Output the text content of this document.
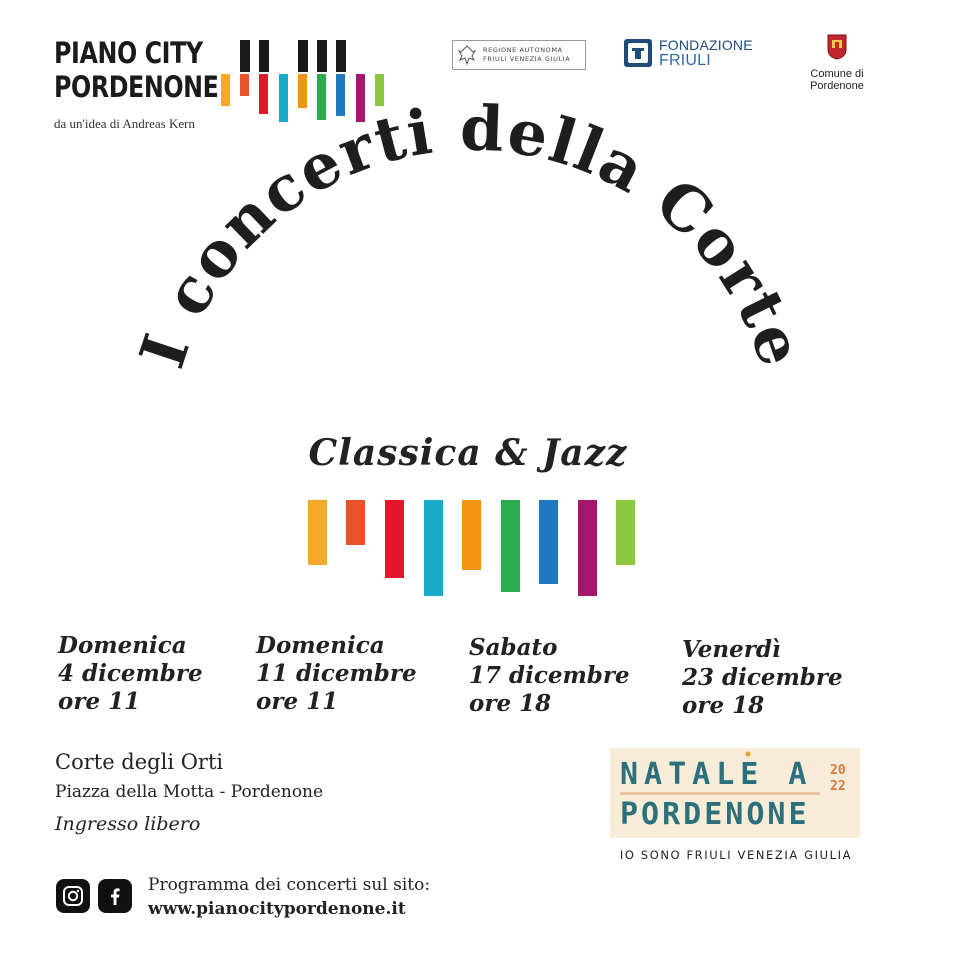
PIANO CITY
PORDENONE
da un'idea di Andreas Kern
REGIONE AUTONOMA
FRIULI VENEZIA GIULIA
FONDAZIONE
FRIULI
Comune di Pordenone
I concerti della Corte
Classica & Jazz
Domenica
4 dicembre
ore 11
Domenica
11 dicembre
ore 11
Sabato
17 dicembre
ore 18
Venerdì
23 dicembre
ore 18
Corte degli Orti
Piazza della Motta - Pordenone
Ingresso libero
Programma dei concerti sul sito:
www.pianocitypordenone.it
NATALE A
PORDENONE
20
22
IO SONO FRIULI VENEZIA GIULIA
